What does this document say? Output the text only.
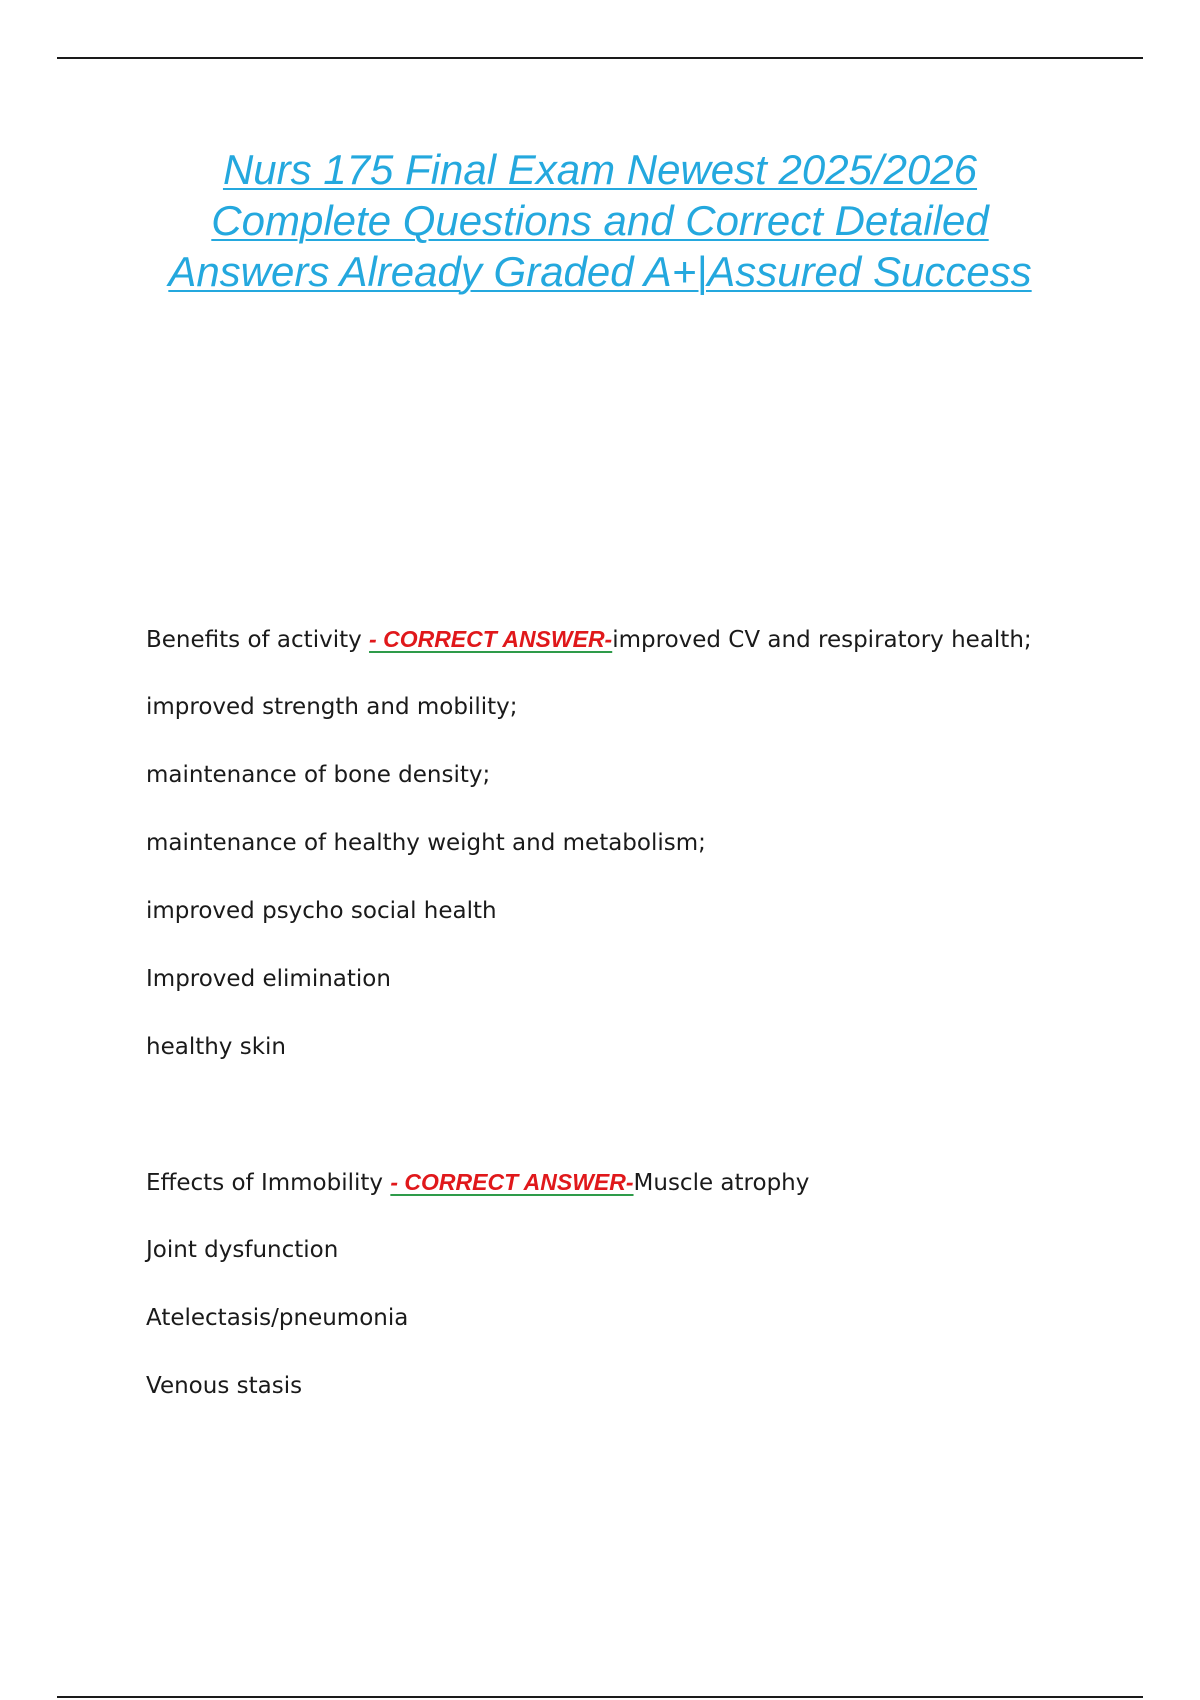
Nurs 175 Final Exam Newest 2025/2026 Complete Questions and Correct Detailed Answers Already Graded A+|Assured Success
Benefits of activity - CORRECT ANSWER-improved CV and respiratory health;
improved strength and mobility;
maintenance of bone density;
maintenance of healthy weight and metabolism;
improved psycho social health
Improved elimination
healthy skin
Effects of Immobility - CORRECT ANSWER-Muscle atrophy
Joint dysfunction
Atelectasis/pneumonia
Venous stasis
